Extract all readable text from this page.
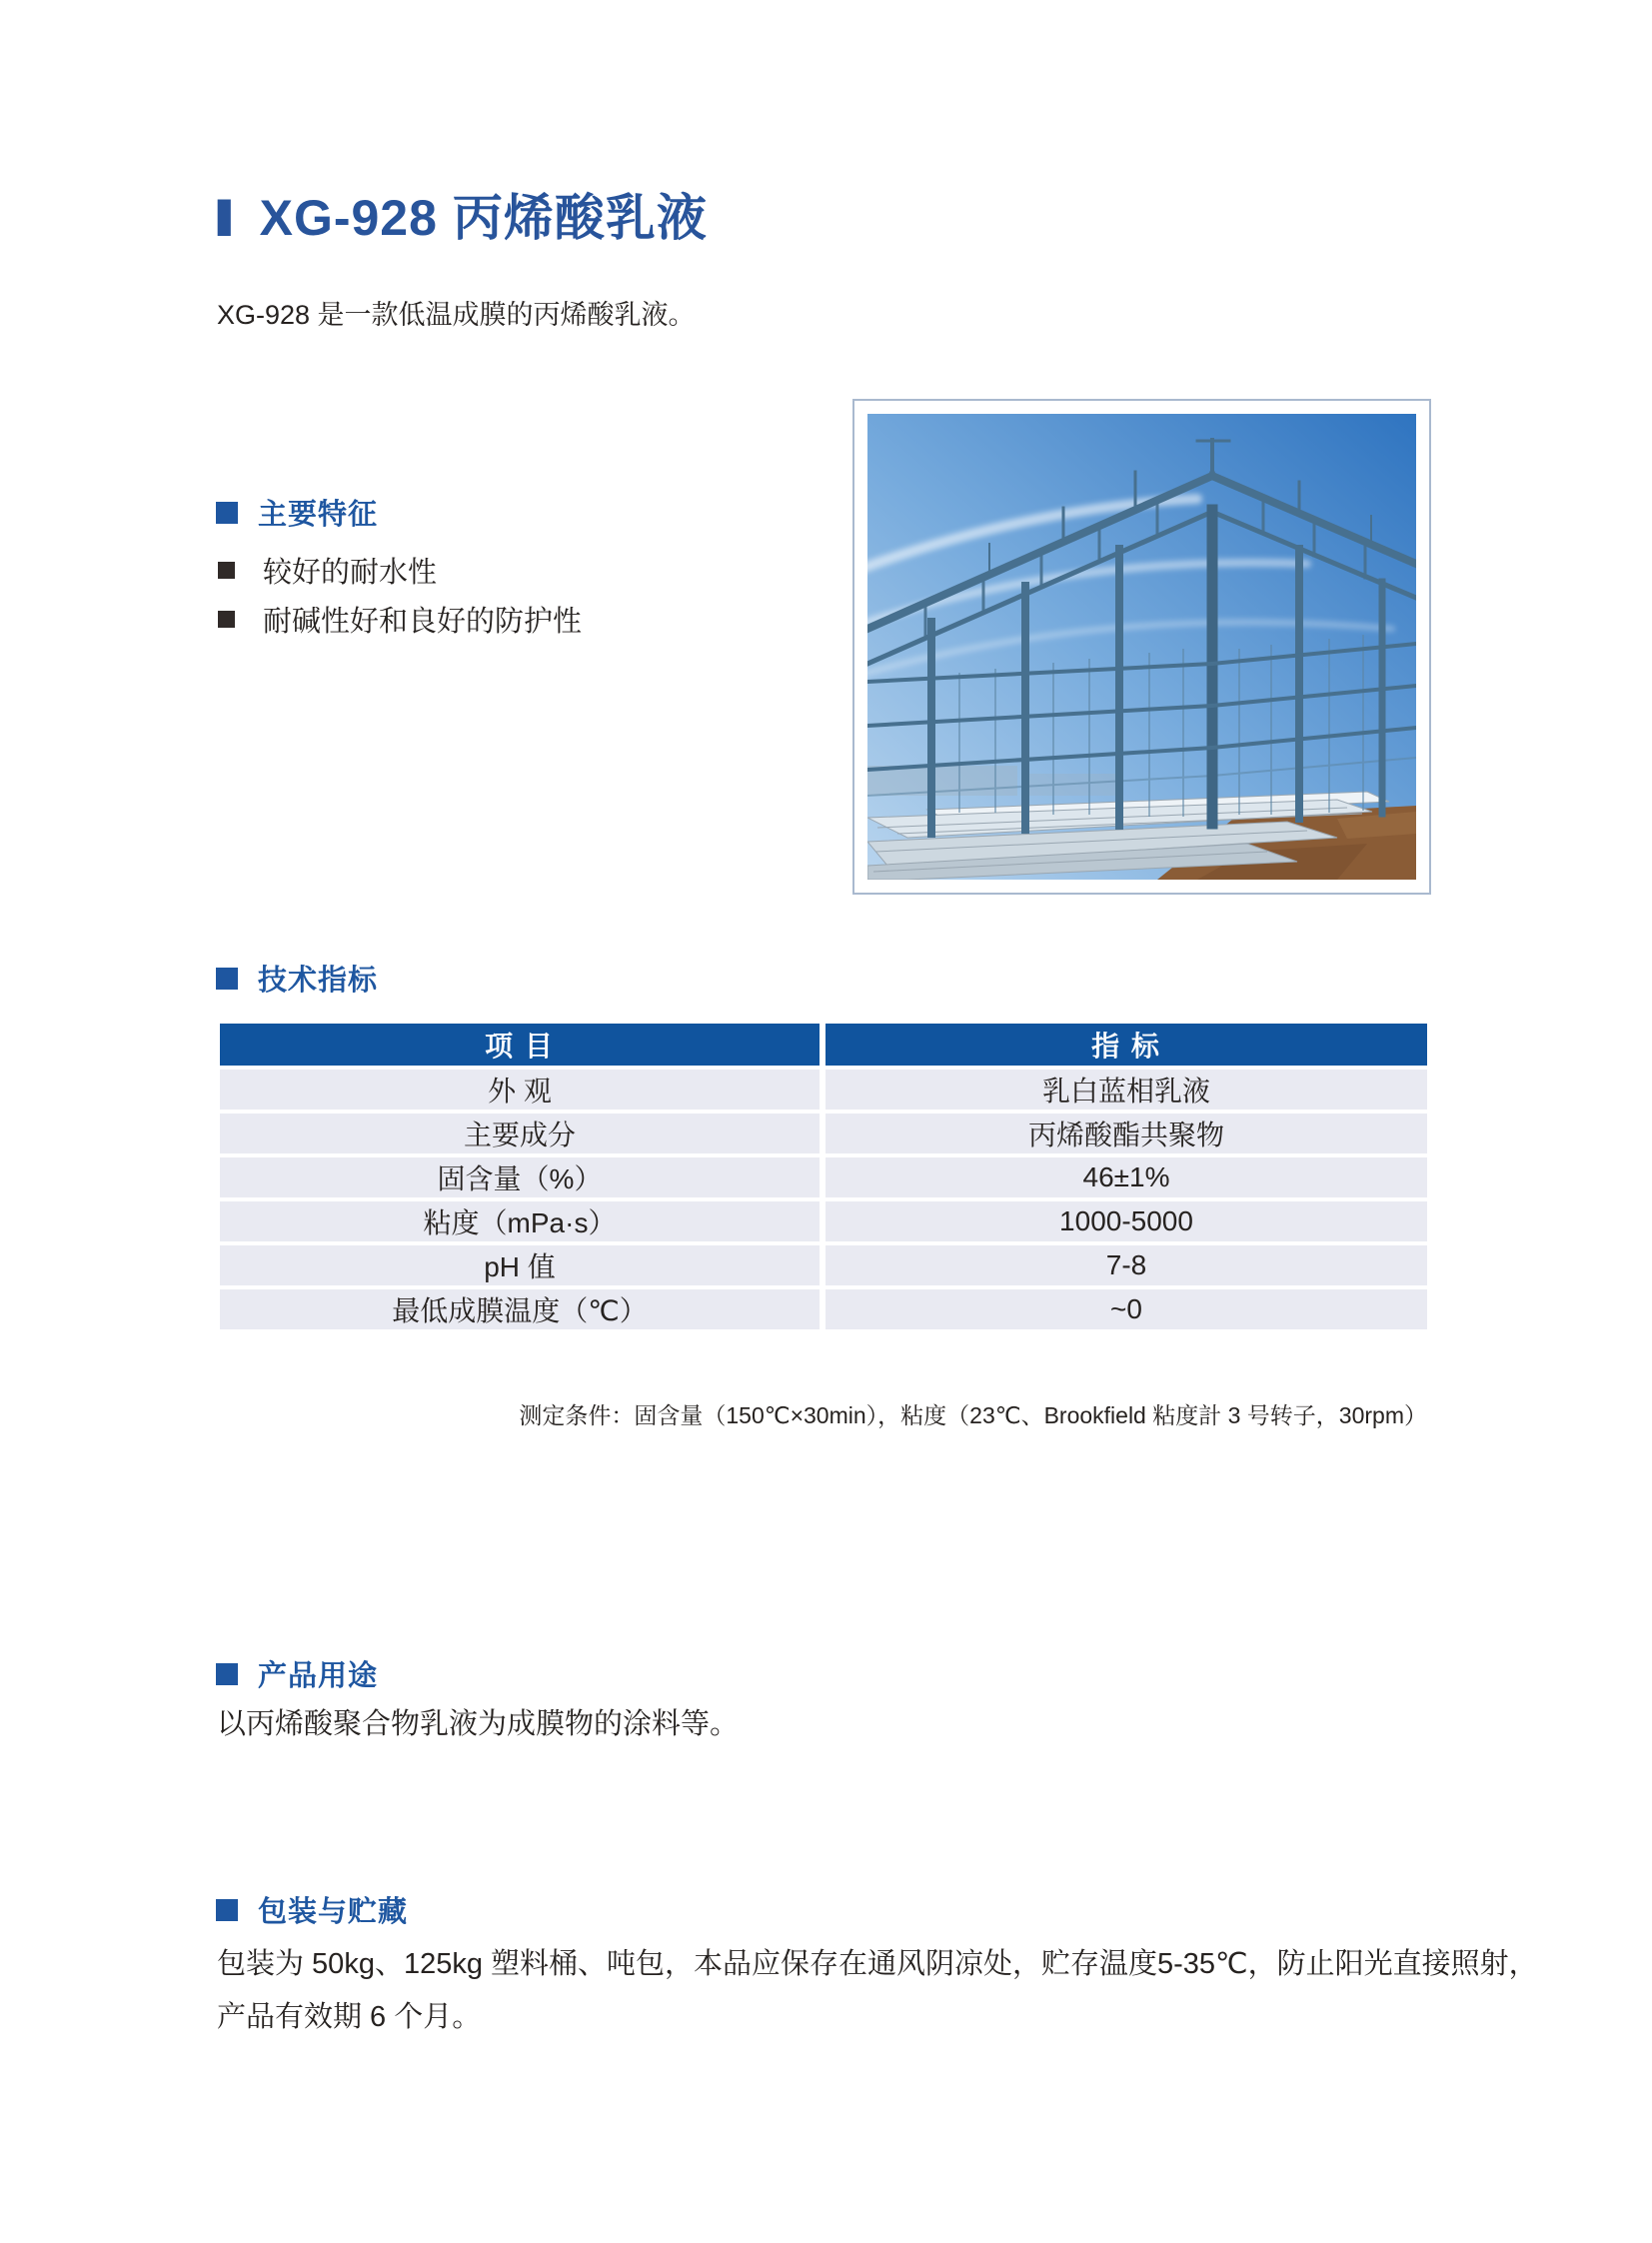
Ⅰ XG-928 丙烯酸乳液

XG-928 是一款低温成膜的丙烯酸乳液。

主要特征
较好的耐水性
耐碱性好和良好的防护性
技术指标
项 目	指 标
外 观	乳白蓝相乳液
主要成分	丙烯酸酯共聚物
固含量（%）	46±1%
粘度（mPa·s）	1000-5000
pH 值	7-8
最低成膜温度（℃）	~0

测定条件：固含量（150℃×30min），粘度（23℃、Brookfield 粘度計 3 号转子，30rpm）

产品用途

以丙烯酸聚合物乳液为成膜物的涂料等。

包装与贮藏

包装为 50kg、125kg 塑料桶、吨包，本品应保存在通风阴凉处，贮存温度5-35℃，防止阳光直接照射，

产品有效期 6 个月。
